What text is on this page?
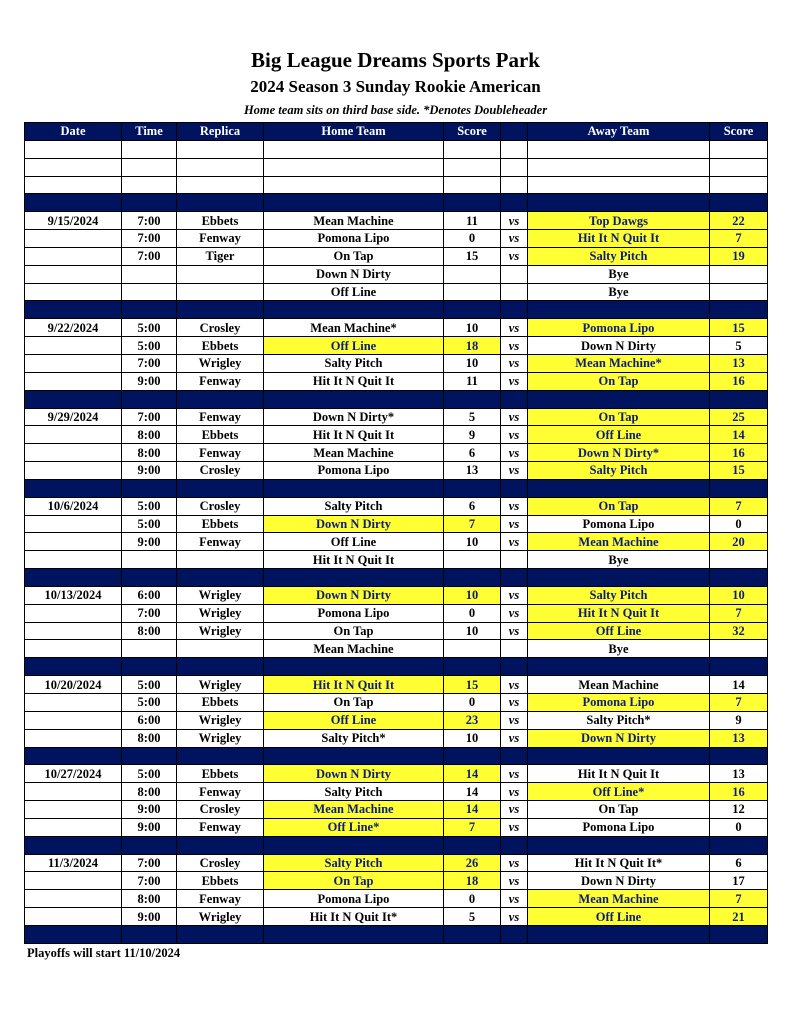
Big League Dreams Sports Park
2024 Season 3 Sunday Rookie American
Home team sits on third base side. *Denotes Doubleheader
Date	Time	Replica	Home Team	Score		Away Team	Score

9/15/2024	7:00	Ebbets	Mean Machine	11	vs	Top Dawgs	22
	7:00	Fenway	Pomona Lipo	0	vs	Hit It N Quit It	7
	7:00	Tiger	On Tap	15	vs	Salty Pitch	19
			Down N Dirty			Bye	
			Off Line			Bye	

9/22/2024	5:00	Crosley	Mean Machine*	10	vs	Pomona Lipo	15
	5:00	Ebbets	Off Line	18	vs	Down N Dirty	5
	7:00	Wrigley	Salty Pitch	10	vs	Mean Machine*	13
	9:00	Fenway	Hit It N Quit It	11	vs	On Tap	16

9/29/2024	7:00	Fenway	Down N Dirty*	5	vs	On Tap	25
	8:00	Ebbets	Hit It N Quit It	9	vs	Off Line	14
	8:00	Fenway	Mean Machine	6	vs	Down N Dirty*	16
	9:00	Crosley	Pomona Lipo	13	vs	Salty Pitch	15

10/6/2024	5:00	Crosley	Salty Pitch	6	vs	On Tap	7
	5:00	Ebbets	Down N Dirty	7	vs	Pomona Lipo	0
	9:00	Fenway	Off Line	10	vs	Mean Machine	20
			Hit It N Quit It			Bye	

10/13/2024	6:00	Wrigley	Down N Dirty	10	vs	Salty Pitch	10
	7:00	Wrigley	Pomona Lipo	0	vs	Hit It N Quit It	7
	8:00	Wrigley	On Tap	10	vs	Off Line	32
			Mean Machine			Bye	

10/20/2024	5:00	Wrigley	Hit It N Quit It	15	vs	Mean Machine	14
	5:00	Ebbets	On Tap	0	vs	Pomona Lipo	7
	6:00	Wrigley	Off Line	23	vs	Salty Pitch*	9
	8:00	Wrigley	Salty Pitch*	10	vs	Down N Dirty	13

10/27/2024	5:00	Ebbets	Down N Dirty	14	vs	Hit It N Quit It	13
	8:00	Fenway	Salty Pitch	14	vs	Off Line*	16
	9:00	Crosley	Mean Machine	14	vs	On Tap	12
	9:00	Fenway	Off Line*	7	vs	Pomona Lipo	0

11/3/2024	7:00	Crosley	Salty Pitch	26	vs	Hit It N Quit It*	6
	7:00	Ebbets	On Tap	18	vs	Down N Dirty	17
	8:00	Fenway	Pomona Lipo	0	vs	Mean Machine	7
	9:00	Wrigley	Hit It N Quit It*	5	vs	Off Line	21

Playoffs will start 11/10/2024
